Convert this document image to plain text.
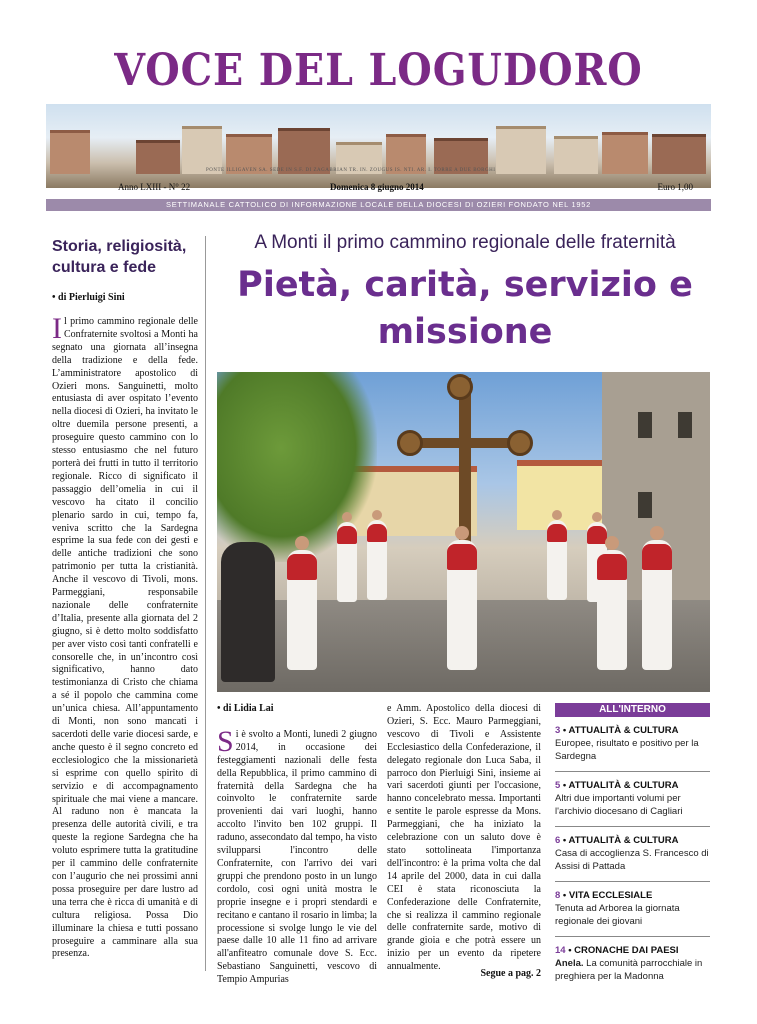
VOCE DEL LOGUDORO
PONTE ILLIGAVEN SA. SEDE IN S.F. DI ZAGABRIAN TR. IN. ZOUGUS IS. NTI. AR. I. TORRE A DUE BORGHI
Anno LXIII - N° 22	Domenica 8 giugno 2014	Euro 1,00
SETTIMANALE CATTOLICO DI INFORMAZIONE LOCALE DELLA DIOCESI DI OZIERI FONDATO NEL 1952
Storia, religiosità, cultura e fede
• di Pierluigi Sini
Il primo cammino regionale delle Confraternite svoltosi a Monti ha segnato una giornata all’insegna della tradizione e della fede. L’amministratore apostolico di Ozieri mons. Sanguinetti, molto entusiasta di aver ospitato l’evento nella diocesi di Ozieri, ha invitato le oltre duemila persone presenti, a proseguire questo cammino con lo stesso entusiasmo che nel futuro porterà dei frutti in tutto il territorio regionale. Ricco di significato il passaggio dell’omelia in cui il vescovo ha citato il concilio plenario sardo in cui, tempo fa, veniva scritto che la Sardegna esprime la sua fede con dei gesti e delle antiche tradizioni che sono patrimonio per tutta la cristianità. Anche il vescovo di Tivoli, mons. Parmeggiani, responsabile nazionale delle confraternite d’Italia, presente alla giornata del 2 giugno, si è detto molto soddisfatto per aver visto così tanti confratelli e consorelle che, in un’incontro così significativo, hanno dato testimonianza di Cristo che chiama a sé il popolo che cammina come un’unica chiesa. All’appuntamento di Monti, non sono mancati i sacerdoti delle varie diocesi sarde, e anche questo è il segno concreto ed ecclesiologico che la missionarietà si esprime con quello spirito di servizio e di accompagnamento spirituale che mai viene a mancare. Al raduno non è mancata la presenza delle autorità civili, e tra queste la regione Sardegna che ha voluto esprimere tutta la gratitudine per il cammino delle confraternite con l’augurio che nei prossimi anni possa proseguire per dare lustro ad una terra che è ricca di umanità e di cultura religiosa. Possa Dio illuminare la chiesa e tutti possano proseguire a camminare alla sua presenza.
A Monti il primo cammino regionale delle fraternità
Pietà, carità, servizio e missione
• di Lidia Lai
Si è svolto a Monti, lunedì 2 giugno 2014, in occasione dei festeggiamenti nazionali delle festa della Repubblica, il primo cammino di fraternità della Sardegna che ha coinvolto le confraternite sarde provenienti dai vari luoghi, hanno accolto l'invito ben 102 gruppi. Il raduno, assecondato dal tempo, ha visto svilupparsi l'incontro delle Confraternite, con l'arrivo dei vari gruppi che prendono posto in un lungo cordolo, così ogni unità mostra le proprie insegne e i propri stendardi e recitano e cantano il rosario in limba; la processione si svolge lungo le vie del paese dalle 10 alle 11 fino ad arrivare all'anfiteatro comunale dove S. Ecc. Sebastiano Sanguinetti, vescovo di Tempio Ampurias
e Amm. Apostolico della diocesi di Ozieri, S. Ecc. Mauro Parmeggiani, vescovo di Tivoli e Assistente Ecclesiastico della Confederazione, il delegato regionale don Luca Saba, il parroco don Pierluigi Sini, insieme ai vari sacerdoti giunti per l'occasione, hanno concelebrato messa. Importanti e sentite le parole espresse da Mons. Parmeggiani, che ha iniziato la celebrazione con un saluto dove è stato sottolineata l'importanza dell'incontro: è la prima volta che dal 14 aprile del 2000, data in cui dalla CEI è stata riconosciuta la Confederazione delle Confraternite, che si realizza il cammino regionale delle confraternite sarde, motivo di grande gioia e che potrà essere un inizio per un evento da ripetere annualmente.
Segue a pag. 2
ALL'INTERNO
3 • ATTUALITÀ & CULTURA
Europee, risultato e positivo per la Sardegna
5 • ATTUALITÀ & CULTURA
Altri due importanti volumi per l'archivio diocesano di Cagliari
6 • ATTUALITÀ & CULTURA
Casa di accoglienza S. Francesco di Assisi di Pattada
8 • VITA ECCLESIALE
Tenuta ad Arborea la giornata regionale dei giovani
14 • CRONACHE DAI PAESI
Anela. La comunità parrocchiale in preghiera per la Madonna
